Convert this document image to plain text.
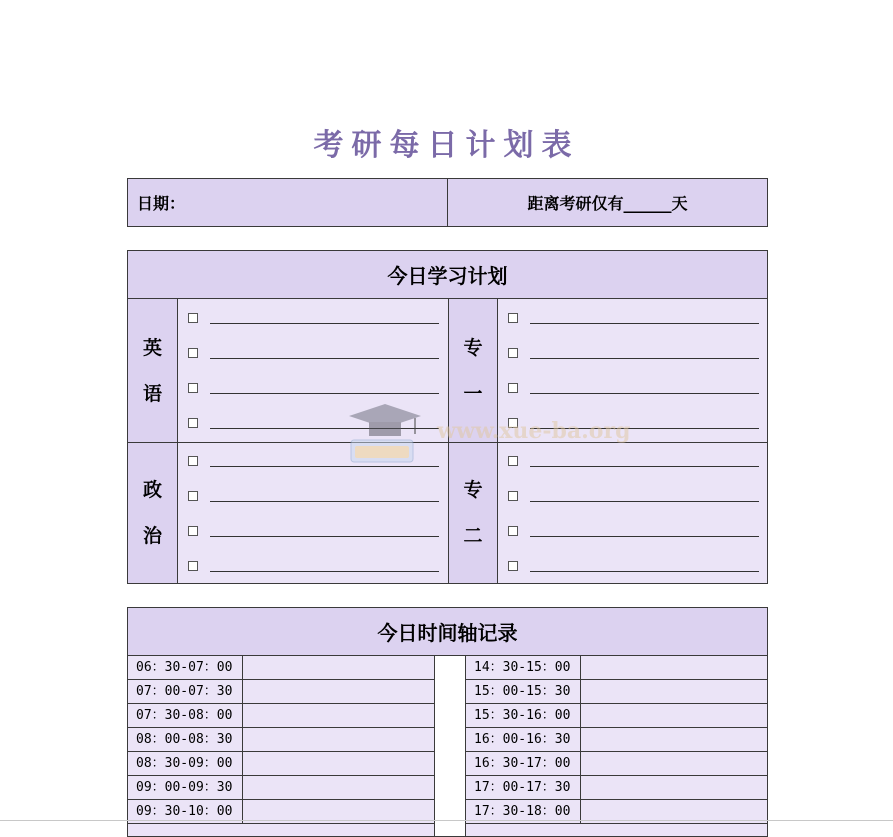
考研每日计划表
日期：	距离考研仅有______天
今日学习计划
英
语
专
一
政
治
专
二
今日时间轴记录
06：30-07：00
07：00-07：30
07：30-08：00
08：00-08：30
08：30-09：00
09：00-09：30
09：30-10：00
14：30-15：00
15：00-15：30
15：30-16：00
16：00-16：30
16：30-17：00
17：00-17：30
17：30-18：00
www.xue-ba.org
